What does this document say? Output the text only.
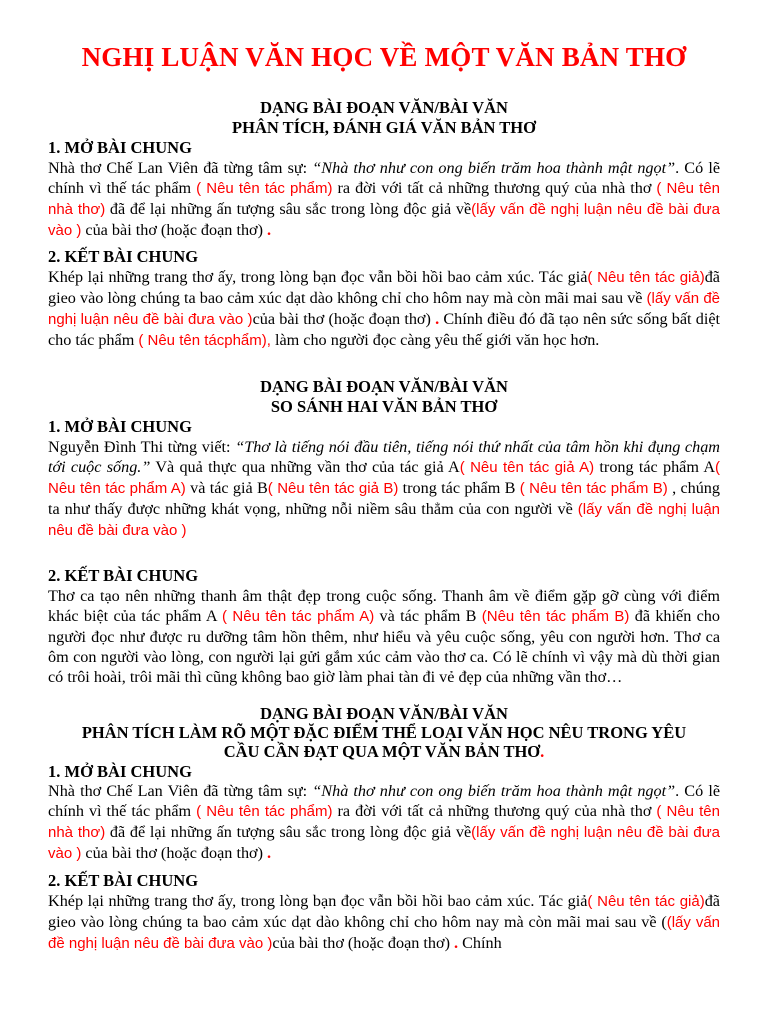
NGHỊ LUẬN VĂN HỌC VỀ MỘT VĂN BẢN THƠ
DẠNG BÀI ĐOẠN VĂN/BÀI VĂN
PHÂN TÍCH, ĐÁNH GIÁ VĂN BẢN THƠ
1. MỞ BÀI CHUNG
Nhà thơ Chế Lan Viên đã từng tâm sự: “Nhà thơ như con ong biến trăm hoa thành mật ngọt”. Có lẽ chính vì thế tác phẩm ( Nêu tên tác phẩm) ra đời với tất cả những thương quý của nhà thơ ( Nêu tên nhà thơ) đã để lại những ấn tượng sâu sắc trong lòng độc giả về(lấy vấn đề nghị luận nêu đề bài đưa vào ) của bài thơ (hoặc đoạn thơ) .
2. KẾT BÀI CHUNG
Khép lại những trang thơ ấy, trong lòng bạn đọc vẫn bồi hồi bao cảm xúc. Tác giả( Nêu tên tác giả)đã gieo vào lòng chúng ta bao cảm xúc dạt dào không chỉ cho hôm nay mà còn mãi mai sau về (lấy vấn đề nghị luận nêu đề bài đưa vào )của bài thơ (hoặc đoạn thơ) . Chính điều đó đã tạo nên sức sống bất diệt cho tác phẩm ( Nêu tên tácphẩm), làm cho người đọc càng yêu thế giới văn học hơn.
DẠNG BÀI ĐOẠN VĂN/BÀI VĂN
SO SÁNH HAI VĂN BẢN THƠ
1. MỞ BÀI CHUNG
Nguyễn Đình Thi từng viết: “Thơ là tiếng nói đầu tiên, tiếng nói thứ nhất của tâm hồn khi đụng chạm tới cuộc sống.” Và quả thực qua những vần thơ của tác giả A( Nêu tên tác giả A) trong tác phẩm A( Nêu tên tác phẩm A) và tác giả B( Nêu tên tác giả B) trong tác phẩm B ( Nêu tên tác phẩm B) , chúng ta như thấy được những khát vọng, những nỗi niềm sâu thẳm của con người về (lấy vấn đề nghị luận nêu đề bài đưa vào )
2. KẾT BÀI CHUNG
Thơ ca tạo nên những thanh âm thật đẹp trong cuộc sống. Thanh âm về điểm gặp gỡ cùng với điểm khác biệt của tác phẩm A ( Nêu tên tác phẩm A) và tác phẩm B (Nêu tên tác phẩm B) đã khiến cho người đọc như được ru dưỡng tâm hồn thêm, như hiểu và yêu cuộc sống, yêu con người hơn. Thơ ca ôm con người vào lòng, con người lại gửi gắm xúc cảm vào thơ ca. Có lẽ chính vì vậy mà dù thời gian có trôi hoài, trôi mãi thì cũng không bao giờ làm phai tàn đi vẻ đẹp của những vần thơ…
DẠNG BÀI ĐOẠN VĂN/BÀI VĂN
PHÂN TÍCH LÀM RÕ MỘT ĐẶC ĐIỂM THỂ LOẠI VĂN HỌC NÊU TRONG YÊU
CẦU CẦN ĐẠT QUA MỘT VĂN BẢN THƠ.
1. MỞ BÀI CHUNG
Nhà thơ Chế Lan Viên đã từng tâm sự: “Nhà thơ như con ong biến trăm hoa thành mật ngọt”. Có lẽ chính vì thế tác phẩm ( Nêu tên tác phẩm) ra đời với tất cả những thương quý của nhà thơ ( Nêu tên nhà thơ) đã để lại những ấn tượng sâu sắc trong lòng độc giả về(lấy vấn đề nghị luận nêu đề bài đưa vào ) của bài thơ (hoặc đoạn thơ) .
2. KẾT BÀI CHUNG
Khép lại những trang thơ ấy, trong lòng bạn đọc vẫn bồi hồi bao cảm xúc. Tác giả( Nêu tên tác giả)đã gieo vào lòng chúng ta bao cảm xúc dạt dào không chỉ cho hôm nay mà còn mãi mai sau về ((lấy vấn đề nghị luận nêu đề bài đưa vào )của bài thơ (hoặc đoạn thơ) . Chính
